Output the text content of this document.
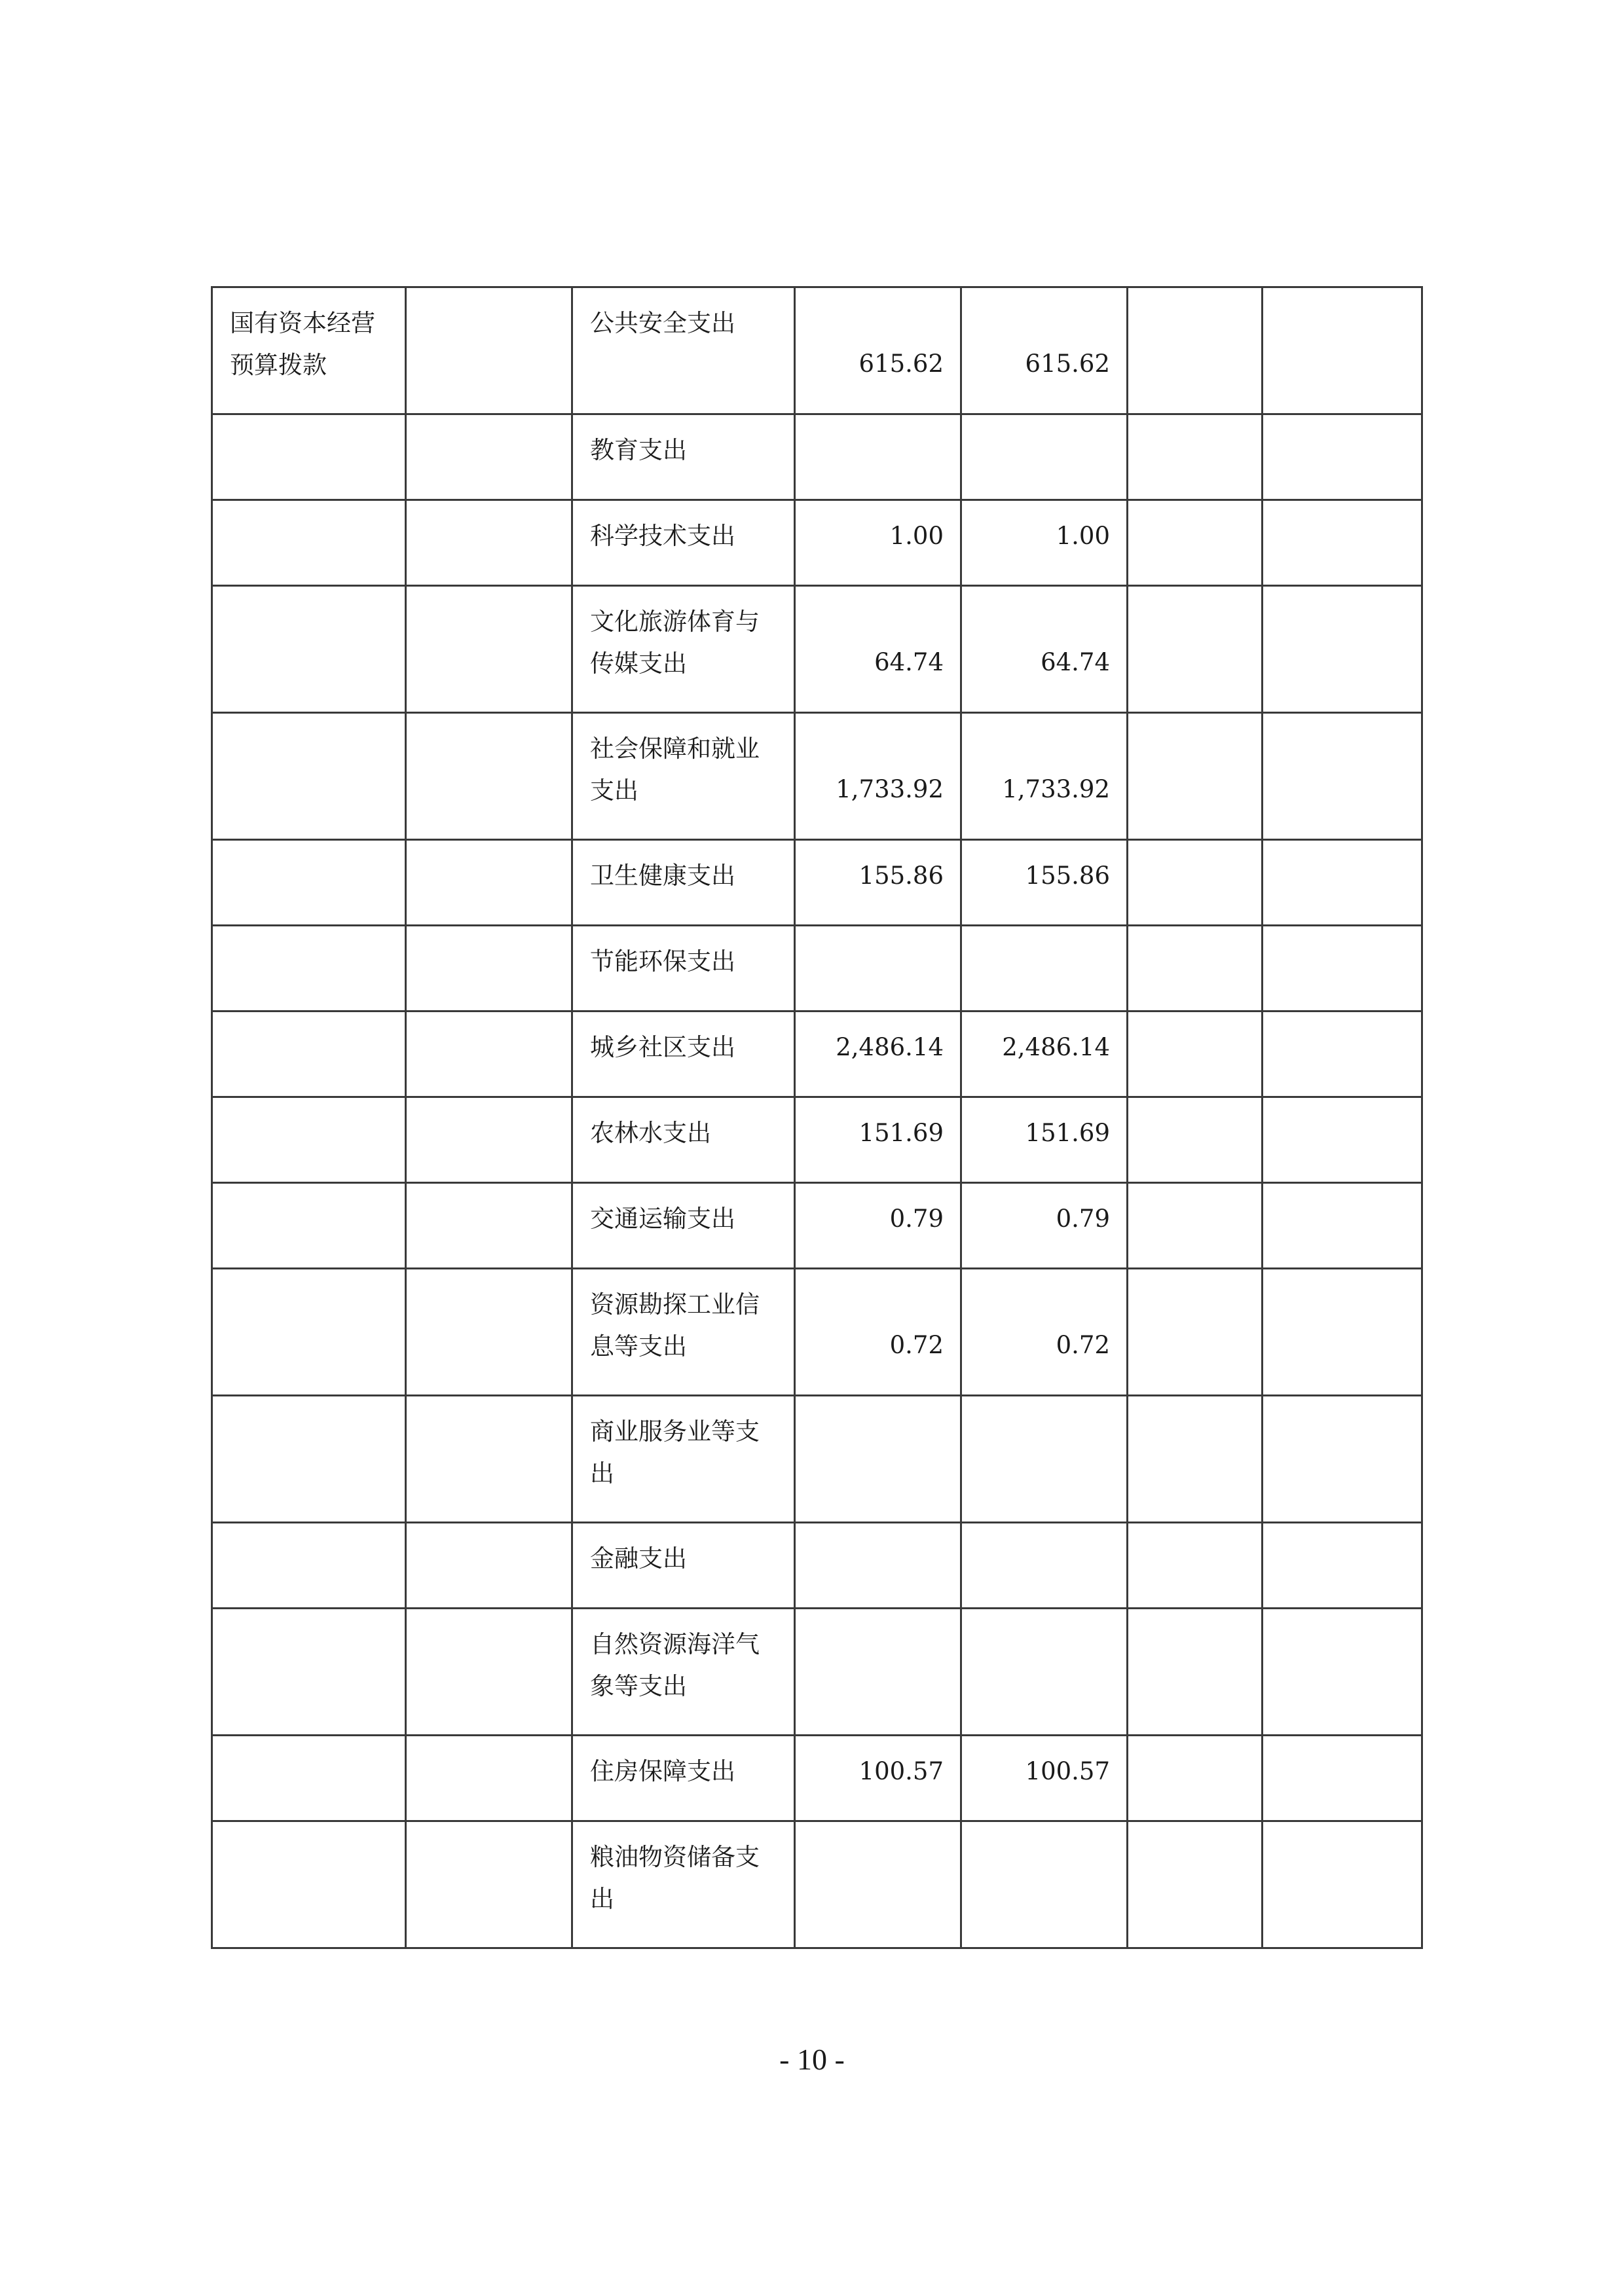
国有资本经营预算拨款		公共安全支出	615.62	615.62		
		教育支出				
		科学技术支出	1.00	1.00		
		文化旅游体育与传媒支出	64.74	64.74		
		社会保障和就业支出	1,733.92	1,733.92		
		卫生健康支出	155.86	155.86		
		节能环保支出				
		城乡社区支出	2,486.14	2,486.14		
		农林水支出	151.69	151.69		
		交通运输支出	0.79	0.79		
		资源勘探工业信息等支出	0.72	0.72		
		商业服务业等支出				
		金融支出				
		自然资源海洋气象等支出				
		住房保障支出	100.57	100.57		
		粮油物资储备支出				
- 10 -
